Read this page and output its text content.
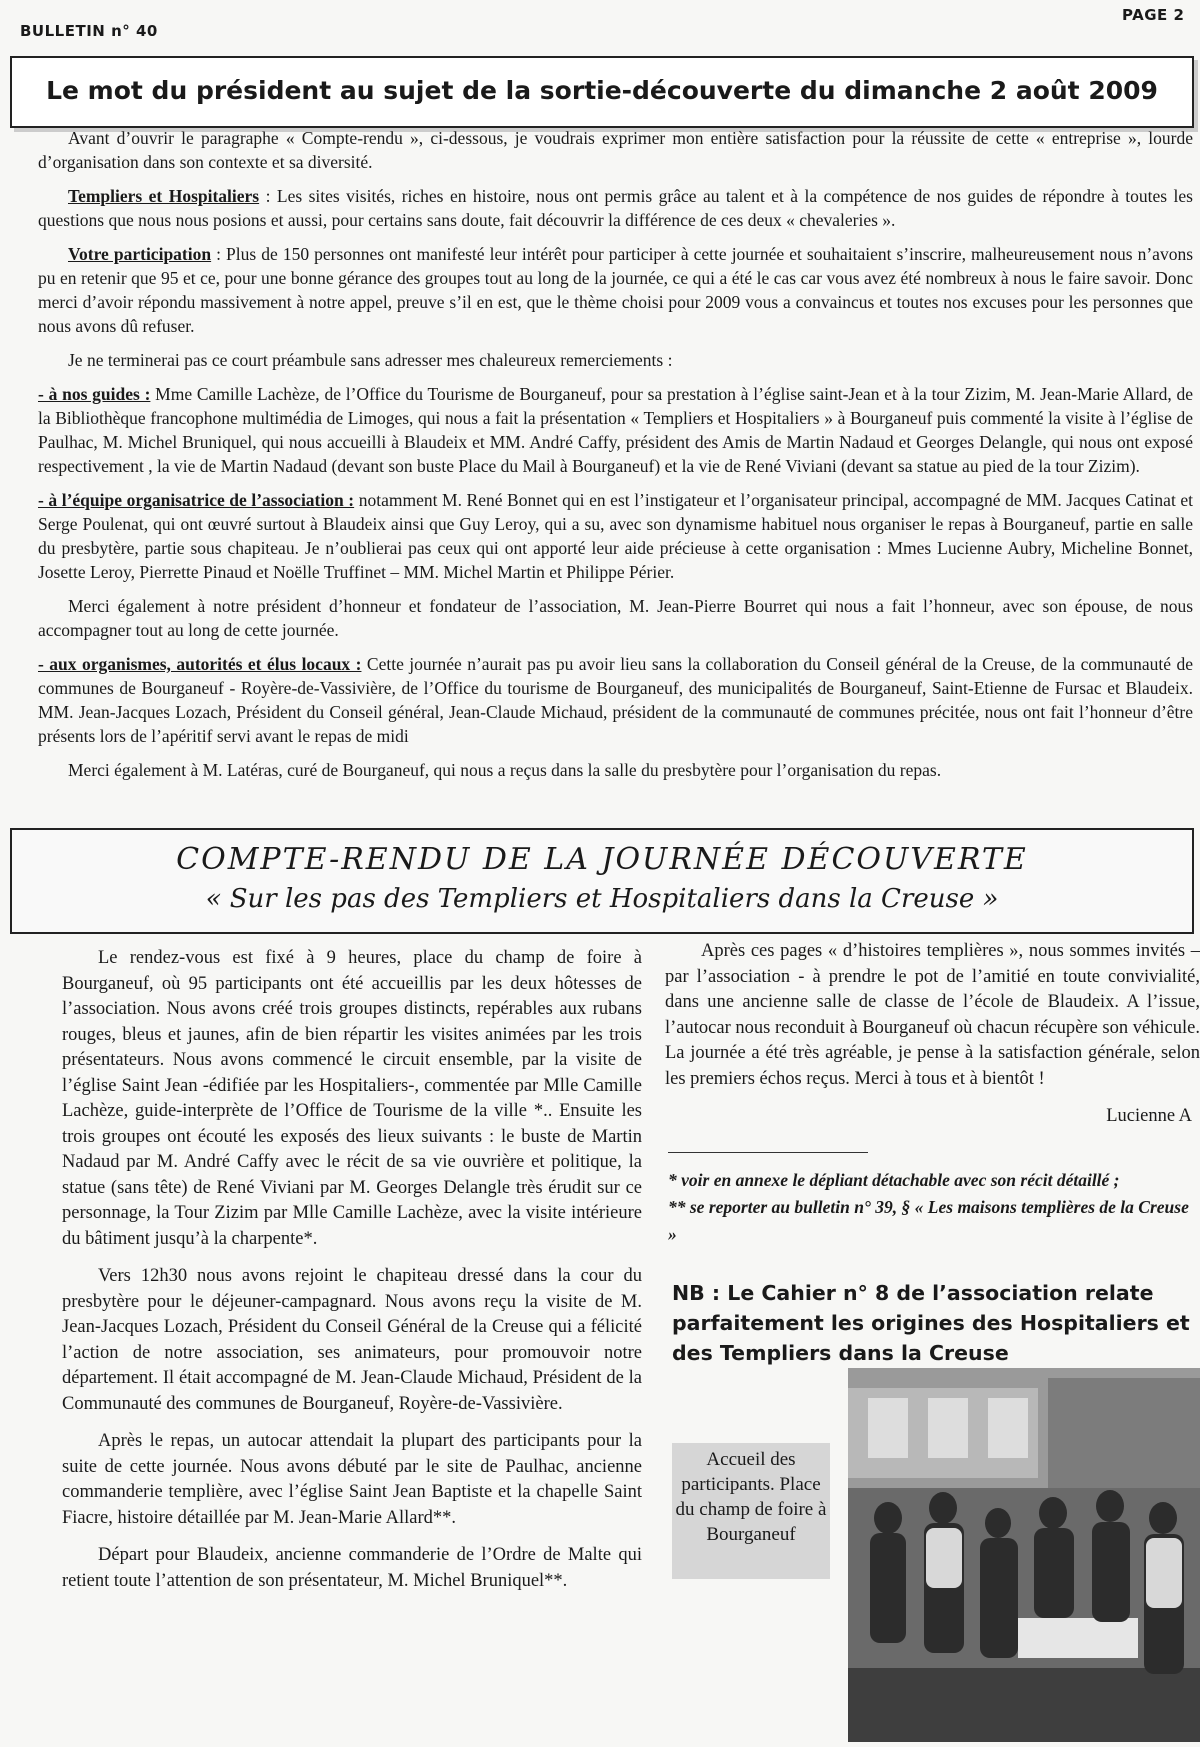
BULLETIN n° 40
PAGE 2
Le mot du président au sujet de la sortie-découverte du dimanche 2 août 2009

Avant d’ouvrir le paragraphe « Compte-rendu », ci-dessous, je voudrais exprimer mon entière satisfaction pour la réussite de cette « entreprise », lourde d’organisation dans son contexte et sa diversité.

Templiers et Hospitaliers : Les sites visités, riches en histoire, nous ont permis grâce au talent et à la compétence de nos guides de répondre à toutes les questions que nous nous posions et aussi, pour certains sans doute, fait découvrir la différence de ces deux « chevaleries ».

Votre participation : Plus de 150 personnes ont manifesté leur intérêt pour participer à cette journée et souhaitaient s’inscrire, malheureusement nous n’avons pu en retenir que 95 et ce, pour une bonne gérance des groupes tout au long de la journée, ce qui a été le cas car vous avez été nombreux à nous le faire savoir. Donc merci d’avoir répondu massivement à notre appel, preuve s’il en est, que le thème choisi pour 2009 vous a convaincus et toutes nos excuses pour les personnes que nous avons dû refuser.

Je ne terminerai pas ce court préambule sans adresser mes chaleureux remerciements :

- à nos guides : Mme Camille Lachèze, de l’Office du Tourisme de Bourganeuf, pour sa prestation à l’église saint-Jean et à la tour Zizim, M. Jean-Marie Allard, de la Bibliothèque francophone multimédia de Limoges, qui nous a fait la présentation « Templiers et Hospitaliers » à Bourganeuf puis commenté la visite à l’église de Paulhac, M. Michel Bruniquel, qui nous accueilli à Blaudeix et MM. André Caffy, président des Amis de Martin Nadaud et Georges Delangle, qui nous ont exposé respectivement , la vie de Martin Nadaud (devant son buste Place du Mail à Bourganeuf) et la vie de René Viviani (devant sa statue au pied de la tour Zizim).

- à l’équipe organisatrice de l’association : notamment M. René Bonnet qui en est l’instigateur et l’organisateur principal, accompagné de MM. Jacques Catinat et Serge Poulenat, qui ont œuvré surtout à Blaudeix ainsi que Guy Leroy, qui a su, avec son dynamisme habituel nous organiser le repas à Bourganeuf, partie en salle du presbytère, partie sous chapiteau. Je n’oublierai pas ceux qui ont apporté leur aide précieuse à cette organisation : Mmes Lucienne Aubry, Micheline Bonnet, Josette Leroy, Pierrette Pinaud et Noëlle Truffinet – MM. Michel Martin et Philippe Périer.

Merci également à notre président d’honneur et fondateur de l’association, M. Jean-Pierre Bourret qui nous a fait l’honneur, avec son épouse, de nous accompagner tout au long de cette journée.

- aux organismes, autorités et élus locaux : Cette journée n’aurait pas pu avoir lieu sans la collaboration du Conseil général de la Creuse, de la communauté de communes de Bourganeuf - Royère-de-Vassivière, de l’Office du tourisme de Bourganeuf, des municipalités de Bourganeuf, Saint-Etienne de Fursac et Blaudeix. MM. Jean-Jacques Lozach, Président du Conseil général, Jean-Claude Michaud, président de la communauté de communes précitée, nous ont fait l’honneur d’être présents lors de l’apéritif servi avant le repas de midi

Merci également à M. Latéras, curé de Bourganeuf, qui nous a reçus dans la salle du presbytère pour l’organisation du repas.

COMPTE-RENDU DE LA JOURNÉE DÉCOUVERTE
« Sur les pas des Templiers et Hospitaliers dans la Creuse »

Le rendez-vous est fixé à 9 heures, place du champ de foire à Bourganeuf, où 95 participants ont été accueillis par les deux hôtesses de l’association. Nous avons créé trois groupes distincts, repérables aux rubans rouges, bleus et jaunes, afin de bien répartir les visites animées par les trois présentateurs. Nous avons commencé le circuit ensemble, par la visite de l’église Saint Jean -édifiée par les Hospitaliers-, commentée par Mlle Camille Lachèze, guide-interprète de l’Office de Tourisme de la ville *.. Ensuite les trois groupes ont écouté les exposés des lieux suivants : le buste de Martin Nadaud par M. André Caffy avec le récit de sa vie ouvrière et politique, la statue (sans tête) de René Viviani par M. Georges Delangle très érudit sur ce personnage, la Tour Zizim par Mlle Camille Lachèze, avec la visite intérieure du bâtiment jusqu’à la charpente*.

Vers 12h30 nous avons rejoint le chapiteau dressé dans la cour du presbytère pour le déjeuner-campagnard. Nous avons reçu la visite de M. Jean-Jacques Lozach, Président du Conseil Général de la Creuse qui a félicité l’action de notre association, ses animateurs, pour promouvoir notre département. Il était accompagné de M. Jean-Claude Michaud, Président de la Communauté des communes de Bourganeuf, Royère-de-Vassivière.

Après le repas, un autocar attendait la plupart des participants pour la suite de cette journée. Nous avons débuté par le site de Paulhac, ancienne commanderie templière, avec l’église Saint Jean Baptiste et la chapelle Saint Fiacre, histoire détaillée par M. Jean-Marie Allard**.

Départ pour Blaudeix, ancienne commanderie de l’Ordre de Malte qui retient toute l’attention de son présentateur, M. Michel Bruniquel**.

Après ces pages « d’histoires templières », nous sommes invités – par l’association - à prendre le pot de l’amitié en toute convivialité, dans une ancienne salle de classe de l’école de Blaudeix. A l’issue, l’autocar nous reconduit à Bourganeuf où chacun récupère son véhicule. La journée a été très agréable, je pense à la satisfaction générale, selon les premiers échos reçus. Merci à tous et à bientôt !

Lucienne A

* voir en annexe le dépliant détachable avec son récit détaillé ;

** se reporter au bulletin n° 39, § « Les maisons templières de la Creuse »

NB : Le Cahier n° 8 de l’association relate parfaitement les origines des Hospitaliers et des Templiers dans la Creuse
Accueil des participants. Place du champ de foire à Bourganeuf
